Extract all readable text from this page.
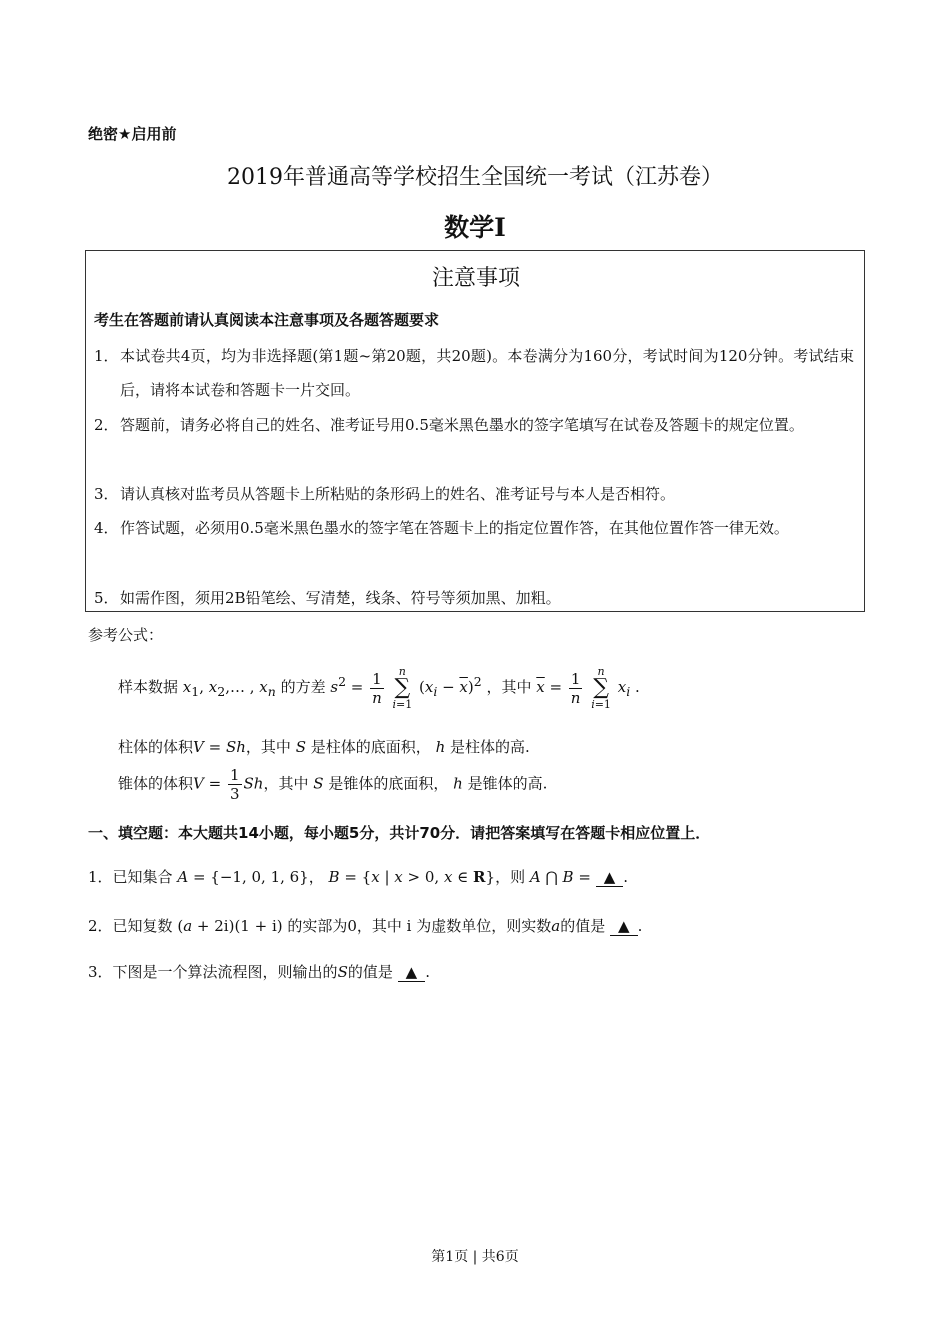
绝密★启用前
2019年普通高等学校招生全国统一考试（江苏卷）
数学Ⅰ
注意事项
考生在答题前请认真阅读本注意事项及各题答题要求
1． 本试卷共4页，均为非选择题(第1题~第20题，共20题)。本卷满分为160分，考试时间为120分钟。考试结束后，请将本试卷和答题卡一片交回。
2． 答题前，请务必将自己的姓名、准考证号用0.5毫米黑色墨水的签字笔填写在试卷及答题卡的规定位置。
3． 请认真核对监考员从答题卡上所粘贴的条形码上的姓名、准考证号与本人是否相符。
4． 作答试题，必须用0.5毫米黑色墨水的签字笔在答题卡上的指定位置作答，在其他位置作答一律无效。
5． 如需作图，须用2B铅笔绘、写清楚，线条、符号等须加黑、加粗。
参考公式：
样本数据 $x_1$, $x_2,\dots$ , $x_n$ 的方差 $s^2 = \frac{1}{n}$ n
∑
i=1 $(x_i - \overline{x})^2$ ，其中 $\overline{x} = \frac{1}{n}$ n
∑
i=1 $x_i$ .
柱体的体积V = Sh，其中 S 是柱体的底面积， h 是柱体的高.
锥体的体积$V = \frac{1}{3}$ Sh，其中 S 是锥体的底面积， h 是锥体的高.
一、填空题：本大题共14小题，每小题5分，共计70分．请把答案填写在答题卡相应位置上．
1．已知集合 A = {−1, 0, 1, 6}， B = {x | x > 0, x ∈ R}，则 A ⋂ B = ▲ .
2．已知复数 (a + 2i)(1 + i) 的实部为0，其中 i 为虚数单位，则实数a的值是 ▲ .
3．下图是一个算法流程图，则输出的S的值是 ▲ .
第1页 | 共6页
